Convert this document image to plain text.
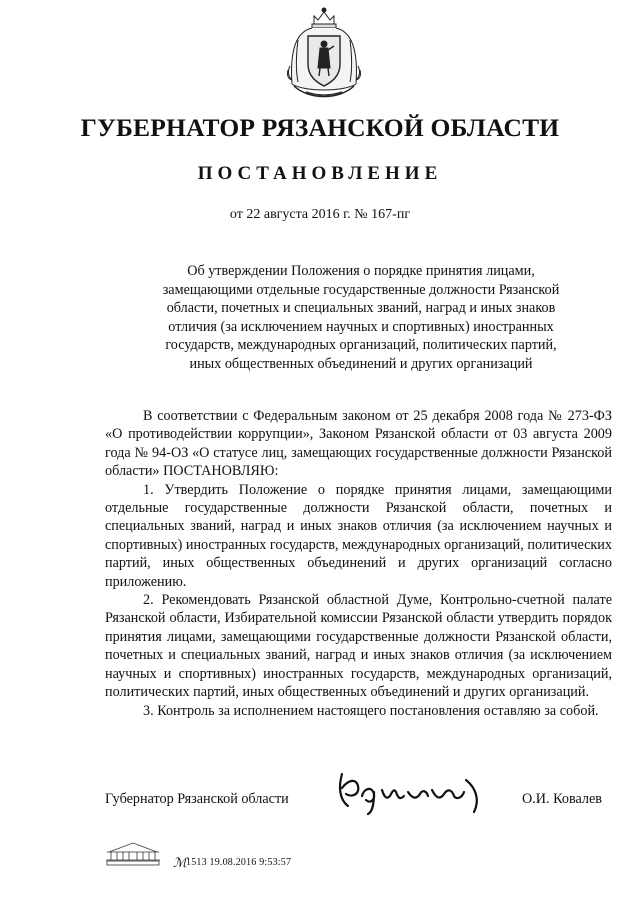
ГУБЕРНАТОР РЯЗАНСКОЙ ОБЛАСТИ
ПОСТАНОВЛЕНИЕ
от 22 августа 2016 г. № 167-пг
Об утверждении Положения о порядке принятия лицами,
замещающими отдельные государственные должности Рязанской
области, почетных и специальных званий, наград и иных знаков
отличия (за исключением научных и спортивных) иностранных
государств, международных организаций, политических партий,
иных общественных объединений и других организаций

В соответствии с Федеральным законом от 25 декабря 2008 года № 273-ФЗ «О противодействии коррупции», Законом Рязанской области от 03 августа 2009 года № 94-ОЗ «О статусе лиц, замещающих государственные должности Рязанской области» ПОСТАНОВЛЯЮ:

1. Утвердить Положение о порядке принятия лицами, замещающими отдельные государственные должности Рязанской области, почетных и специальных званий, наград и иных знаков отличия (за исключением научных и спортивных) иностранных государств, международных организаций, политических партий, иных общественных объединений и других организаций согласно приложению.

2. Рекомендовать Рязанской областной Думе, Контрольно-счетной палате Рязанской области, Избирательной комиссии Рязанской области утвердить порядок принятия лицами, замещающими государственные должности Рязанской области, почетных и специальных званий, наград и иных знаков отличия (за исключением научных и спортивных) иностранных государств, международных организаций, политических партий, иных общественных объединений и других организаций.

3. Контроль за исполнением настоящего постановления оставляю за собой.

Губернатор Рязанской области	О.И. Ковалев
ℳ 1513 19.08.2016 9:53:57
